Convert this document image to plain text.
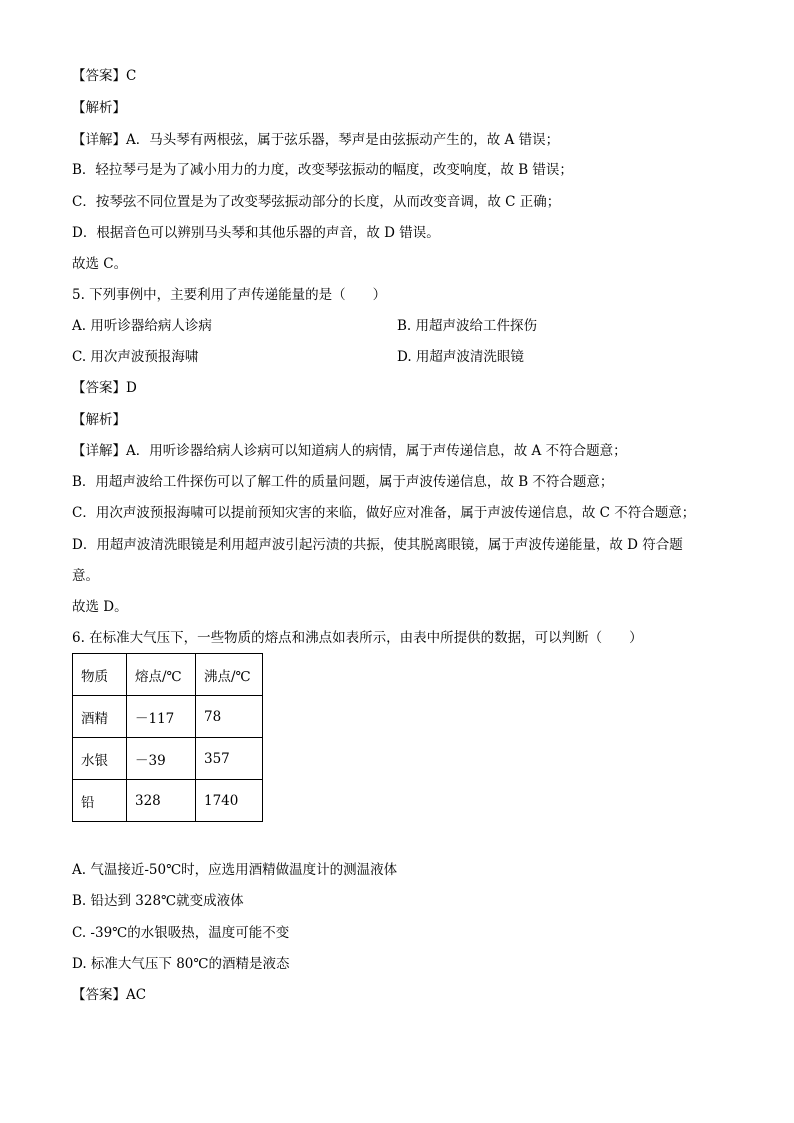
【答案】C
【解析】
【详解】A．马头琴有两根弦，属于弦乐器，琴声是由弦振动产生的，故 A 错误；
B．轻拉琴弓是为了减小用力的力度，改变琴弦振动的幅度，改变响度，故 B 错误；
C．按琴弦不同位置是为了改变琴弦振动部分的长度，从而改变音调，故 C 正确；
D．根据音色可以辨别马头琴和其他乐器的声音，故 D 错误。
故选 C。
5. 下列事例中，主要利用了声传递能量的是（　　）
A. 用听诊器给病人诊病	B. 用超声波给工件探伤
C. 用次声波预报海啸	D. 用超声波清洗眼镜
【答案】D
【解析】
【详解】A．用听诊器给病人诊病可以知道病人的病情，属于声传递信息，故 A 不符合题意；
B．用超声波给工件探伤可以了解工件的质量问题，属于声波传递信息，故 B 不符合题意；
C．用次声波预报海啸可以提前预知灾害的来临，做好应对准备，属于声波传递信息，故 C 不符合题意；
D．用超声波清洗眼镜是利用超声波引起污渍的共振，使其脱离眼镜，属于声波传递能量，故 D 符合题
意。
故选 D。
6. 在标准大气压下，一些物质的熔点和沸点如表所示，由表中所提供的数据，可以判断（　　）
物质	熔点/℃	沸点/℃
酒精	－117	78
水银	－39	357
铅	328	1740
A. 气温接近-50℃时，应选用酒精做温度计的测温液体
B. 铅达到 328℃就变成液体
C. -39℃的水银吸热，温度可能不变
D. 标准大气压下 80℃的酒精是液态
【答案】AC
